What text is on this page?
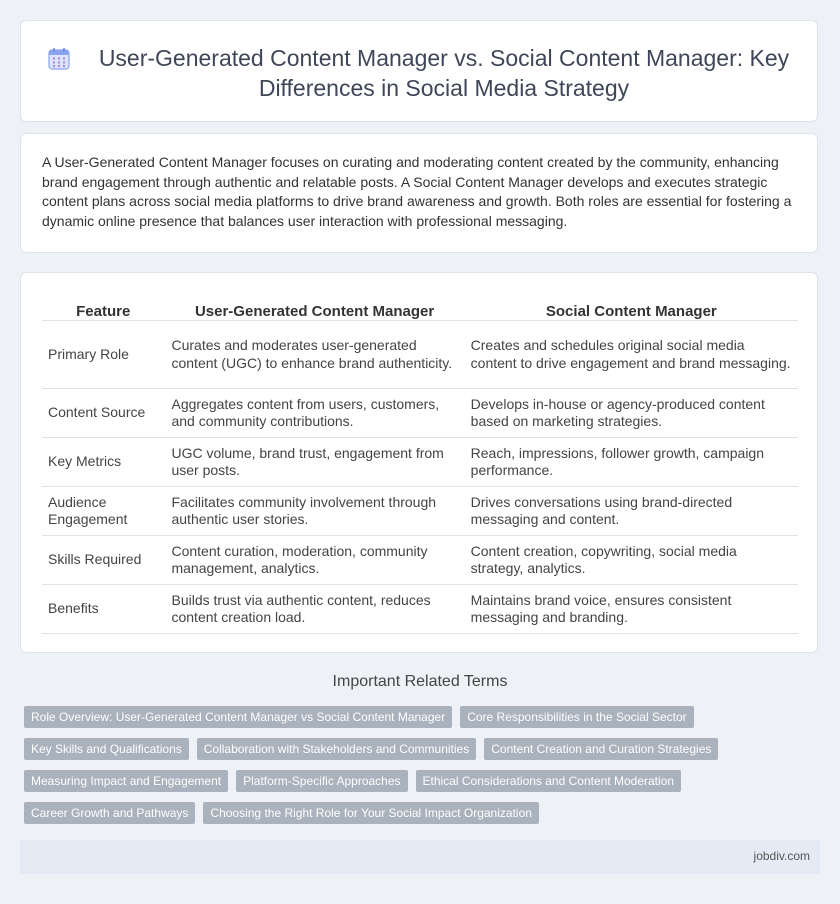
User-Generated Content Manager vs. Social Content Manager: Key Differences in Social Media Strategy

A User-Generated Content Manager focuses on curating and moderating content created by the community, enhancing brand engagement through authentic and relatable posts. A Social Content Manager develops and executes strategic content plans across social media platforms to drive brand awareness and growth. Both roles are essential for fostering a dynamic online presence that balances user interaction with professional messaging.

Feature	User-Generated Content Manager	Social Content Manager
Primary Role	Curates and moderates user-generated content (UGC) to enhance brand authenticity.	Creates and schedules original social media content to drive engagement and brand messaging.
Content Source	Aggregates content from users, customers, and community contributions.	Develops in-house or agency-produced content based on marketing strategies.
Key Metrics	UGC volume, brand trust, engagement from user posts.	Reach, impressions, follower growth, campaign performance.
Audience Engagement	Facilitates community involvement through authentic user stories.	Drives conversations using brand-directed messaging and content.
Skills Required	Content curation, moderation, community management, analytics.	Content creation, copywriting, social media strategy, analytics.
Benefits	Builds trust via authentic content, reduces content creation load.	Maintains brand voice, ensures consistent messaging and branding.
Important Related Terms
Role Overview: User-Generated Content Manager vs Social Content Manager	Core Responsibilities in the Social Sector
Key Skills and Qualifications	Collaboration with Stakeholders and Communities	Content Creation and Curation Strategies
Measuring Impact and Engagement	Platform-Specific Approaches	Ethical Considerations and Content Moderation
Career Growth and Pathways	Choosing the Right Role for Your Social Impact Organization
jobdiv.com
